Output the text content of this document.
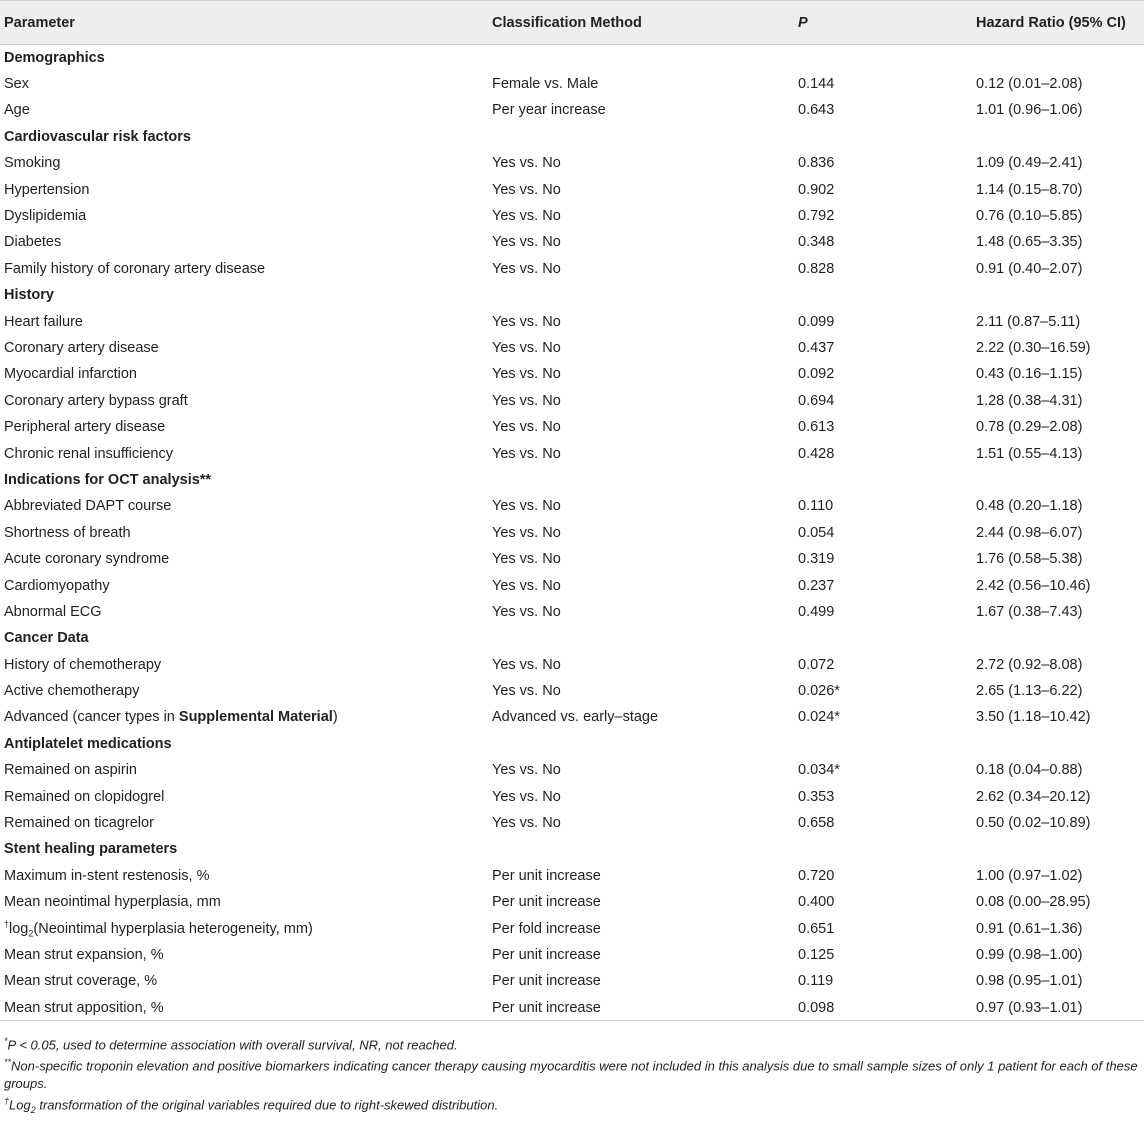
Parameter	Classification Method	P	Hazard Ratio (95% CI)
Demographics			
Sex	Female vs. Male	0.144	0.12 (0.01–2.08)
Age	Per year increase	0.643	1.01 (0.96–1.06)
Cardiovascular risk factors			
Smoking	Yes vs. No	0.836	1.09 (0.49–2.41)
Hypertension	Yes vs. No	0.902	1.14 (0.15–8.70)
Dyslipidemia	Yes vs. No	0.792	0.76 (0.10–5.85)
Diabetes	Yes vs. No	0.348	1.48 (0.65–3.35)
Family history of coronary artery disease	Yes vs. No	0.828	0.91 (0.40–2.07)
History			
Heart failure	Yes vs. No	0.099	2.11 (0.87–5.11)
Coronary artery disease	Yes vs. No	0.437	2.22 (0.30–16.59)
Myocardial infarction	Yes vs. No	0.092	0.43 (0.16–1.15)
Coronary artery bypass graft	Yes vs. No	0.694	1.28 (0.38–4.31)
Peripheral artery disease	Yes vs. No	0.613	0.78 (0.29–2.08)
Chronic renal insufficiency	Yes vs. No	0.428	1.51 (0.55–4.13)
Indications for OCT analysis**			
Abbreviated DAPT course	Yes vs. No	0.110	0.48 (0.20–1.18)
Shortness of breath	Yes vs. No	0.054	2.44 (0.98–6.07)
Acute coronary syndrome	Yes vs. No	0.319	1.76 (0.58–5.38)
Cardiomyopathy	Yes vs. No	0.237	2.42 (0.56–10.46)
Abnormal ECG	Yes vs. No	0.499	1.67 (0.38–7.43)
Cancer Data			
History of chemotherapy	Yes vs. No	0.072	2.72 (0.92–8.08)
Active chemotherapy	Yes vs. No	0.026*	2.65 (1.13–6.22)
Advanced (cancer types in Supplemental Material)	Advanced vs. early–stage	0.024*	3.50 (1.18–10.42)
Antiplatelet medications			
Remained on aspirin	Yes vs. No	0.034*	0.18 (0.04–0.88)
Remained on clopidogrel	Yes vs. No	0.353	2.62 (0.34–20.12)
Remained on ticagrelor	Yes vs. No	0.658	0.50 (0.02–10.89)
Stent healing parameters			
Maximum in-stent restenosis, %	Per unit increase	0.720	1.00 (0.97–1.02)
Mean neointimal hyperplasia, mm	Per unit increase	0.400	0.08 (0.00–28.95)
$^\dagger\log_2(Neointimal$ hyperplasia heterogeneity, mm)	Per fold increase	0.651	0.91 (0.61–1.36)
Mean strut expansion, %	Per unit increase	0.125	0.99 (0.98–1.00)
Mean strut coverage, %	Per unit increase	0.119	0.98 (0.95–1.01)
Mean strut apposition, %	Per unit increase	0.098	0.97 (0.93–1.01)

*P < 0.05, used to determine association with overall survival, NR, not reached.

**Non-specific troponin elevation and positive biomarkers indicating cancer therapy causing myocarditis were not included in this analysis due to small sample sizes of only 1 patient for each of these groups.

†Log$_2$ transformation of the original variables required due to right-skewed distribution.
